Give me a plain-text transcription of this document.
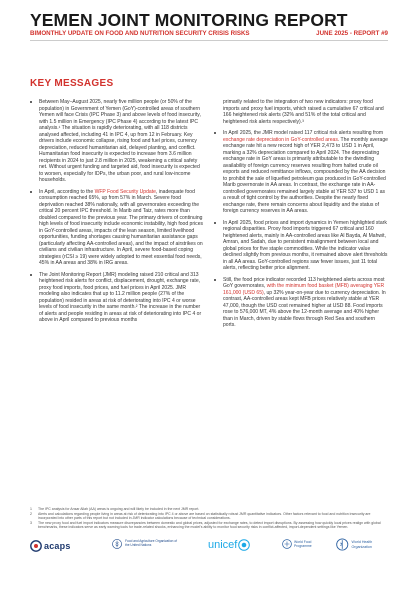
YEMEN JOINT MONITORING REPORT
BIMONTHLY UPDATE ON FOOD AND NUTRITION SECURITY CRISIS RISKS	JUNE 2025 - REPORT #9
KEY MESSAGES

Between May–August 2025, nearly five million people (or 50% of the population) in Government of Yemen (GoY)-controlled areas of southern Yemen will face Crisis (IPC Phase 3) and above levels of food insecurity, with 1.5 million in Emergency (IPC Phase 4) according to the latest IPC analysis.¹ The situation is rapidly deteriorating, with all 118 districts analysed affected, including 41 in IPC 4, up from 12 in February. Key drivers include economic collapse, rising food and fuel prices, currency depreciation, reduced humanitarian aid, delayed planting, and conflict. Humanitarian food insecurity is expected to increase from 3.6 million recipients in 2024 to just 2.8 million in 2025, weakening a critical safety net. Without urgent funding and targeted aid, food insecurity is expected to worsen, especially for IDPs, the urban poor, and rural low-income households.

In April, according to the WFP Food Security Update, inadequate food consumption reached 65%, up from 57% in March. Severe food deprivation reached 38% nationally, with all governorates exceeding the critical 20 percent IPC threshold. In Marib and Taiz, rates more than doubled compared to the previous year. The primary drivers of continuing high levels of food insecurity include economic instability, high food prices in GoY-controlled areas, impacts of the lean season, limited livelihood opportunities, funding shortages causing humanitarian assistance gaps (particularly affecting AA-controlled areas), and the impact of airstrikes on civilians and civilian infrastructure. In April, severe food-based coping strategies (rCSI ≥ 19) were widely adopted to meet essential food needs, 45% in AA areas and 38% in IRG areas.

The Joint Monitoring Report (JMR) modeling raised 210 critical and 313 heightened risk alerts for conflict, displacement, drought, exchange rate, proxy food imports, food prices, and fuel prices in April 2025. JMR modeling also indicates that up to 11.2 million people (27% of the population) resided in areas at risk of deteriorating into IPC 4 or worse levels of food insecurity in the same month.² The increase in the number of alerts and people residing in areas at risk of deteriorating into IPC 4 or above in April compared to previous months

primarily related to the integration of two new indicators: proxy food imports and proxy fuel imports, which raised a cumulative 67 critical and 166 heightened risk alerts (32% and 51% of the total critical and heightened risk alerts respectively).³

In April 2025, the JMR model raised 117 critical risk alerts resulting from exchange rate depreciation in GoY-controlled areas. The monthly average exchange rate hit a new record high of YER 2,473 to USD 1 in April, marking a 32% depreciation compared to April 2024. The depreciating exchange rate in GoY areas is primarily attributable to the dwindling availability of foreign currency reserves resulting from halted crude oil exports and reduced remittance inflows, compounded by the AA decision to prohibit the sale of liquefied petroleum gas produced in GoY-controlled Marib governorate in AA areas. In contrast, the exchange rate in AA-controlled governorates remained largely stable at YER 537 to USD 1 as a result of tight control by the authorities. Despite the nearly fixed exchange rate, there remain concerns about liquidity and the status of foreign currency reserves in AA areas.

In April 2025, food prices and import dynamics in Yemen highlighted stark regional disparities. Proxy food imports triggered 67 critical and 160 heightened alerts, mainly in AA-controlled areas like Al Bayda, Al Mahwit, Amran, and Sadah, due to persistent misalignment between local and global prices for five staple commodities. While the indicator value declined slightly from previous months, it remained above alert thresholds in all AA areas. GoY-controlled regions saw fewer issues, just 11 total alerts, reflecting better price alignment.

Still, the food price indicator recorded 113 heightened alerts across most GoY governorates, with the minimum food basket (MFB) averaging YER 161,000 (USD 65), up 32% year-on-year due to currency depreciation. In contrast, AA-controlled areas kept MFB prices relatively stable at YER 47,000, though the USD cost remained higher at USD 88. Food imports rose to 576,000 MT, 4% above the 12-month average and 40% higher than in March, driven by stable flows through Red Sea and southern ports.

1	The IPC analysis for Ansar Allah (AA) areas is ongoing and will likely be included in the next JMR report.
2	Alerts and calculations regarding people living in areas at risk of deteriorating into IPC 4 or above are based on statistically robust JMR quantitative indicators. Other factors relevant to food and nutrition insecurity are incorporated into other parts of this report but not included in JMR indicator calculations because of technical considerations.
3	The new proxy food and fuel import indicators measure discrepancies between domestic and global prices, adjusted for exchange rates, to detect import disruptions. By assessing how quickly local prices realign with global benchmarks, these indicators serve as early warning tools for trade-related shocks, enhancing the model's ability to monitor food security risks in conflict-affected, import-dependent settings like Yemen.
acaps	Food and Agriculture Organization of the United Nations	unicef	World Food Programme
World Health Organization
